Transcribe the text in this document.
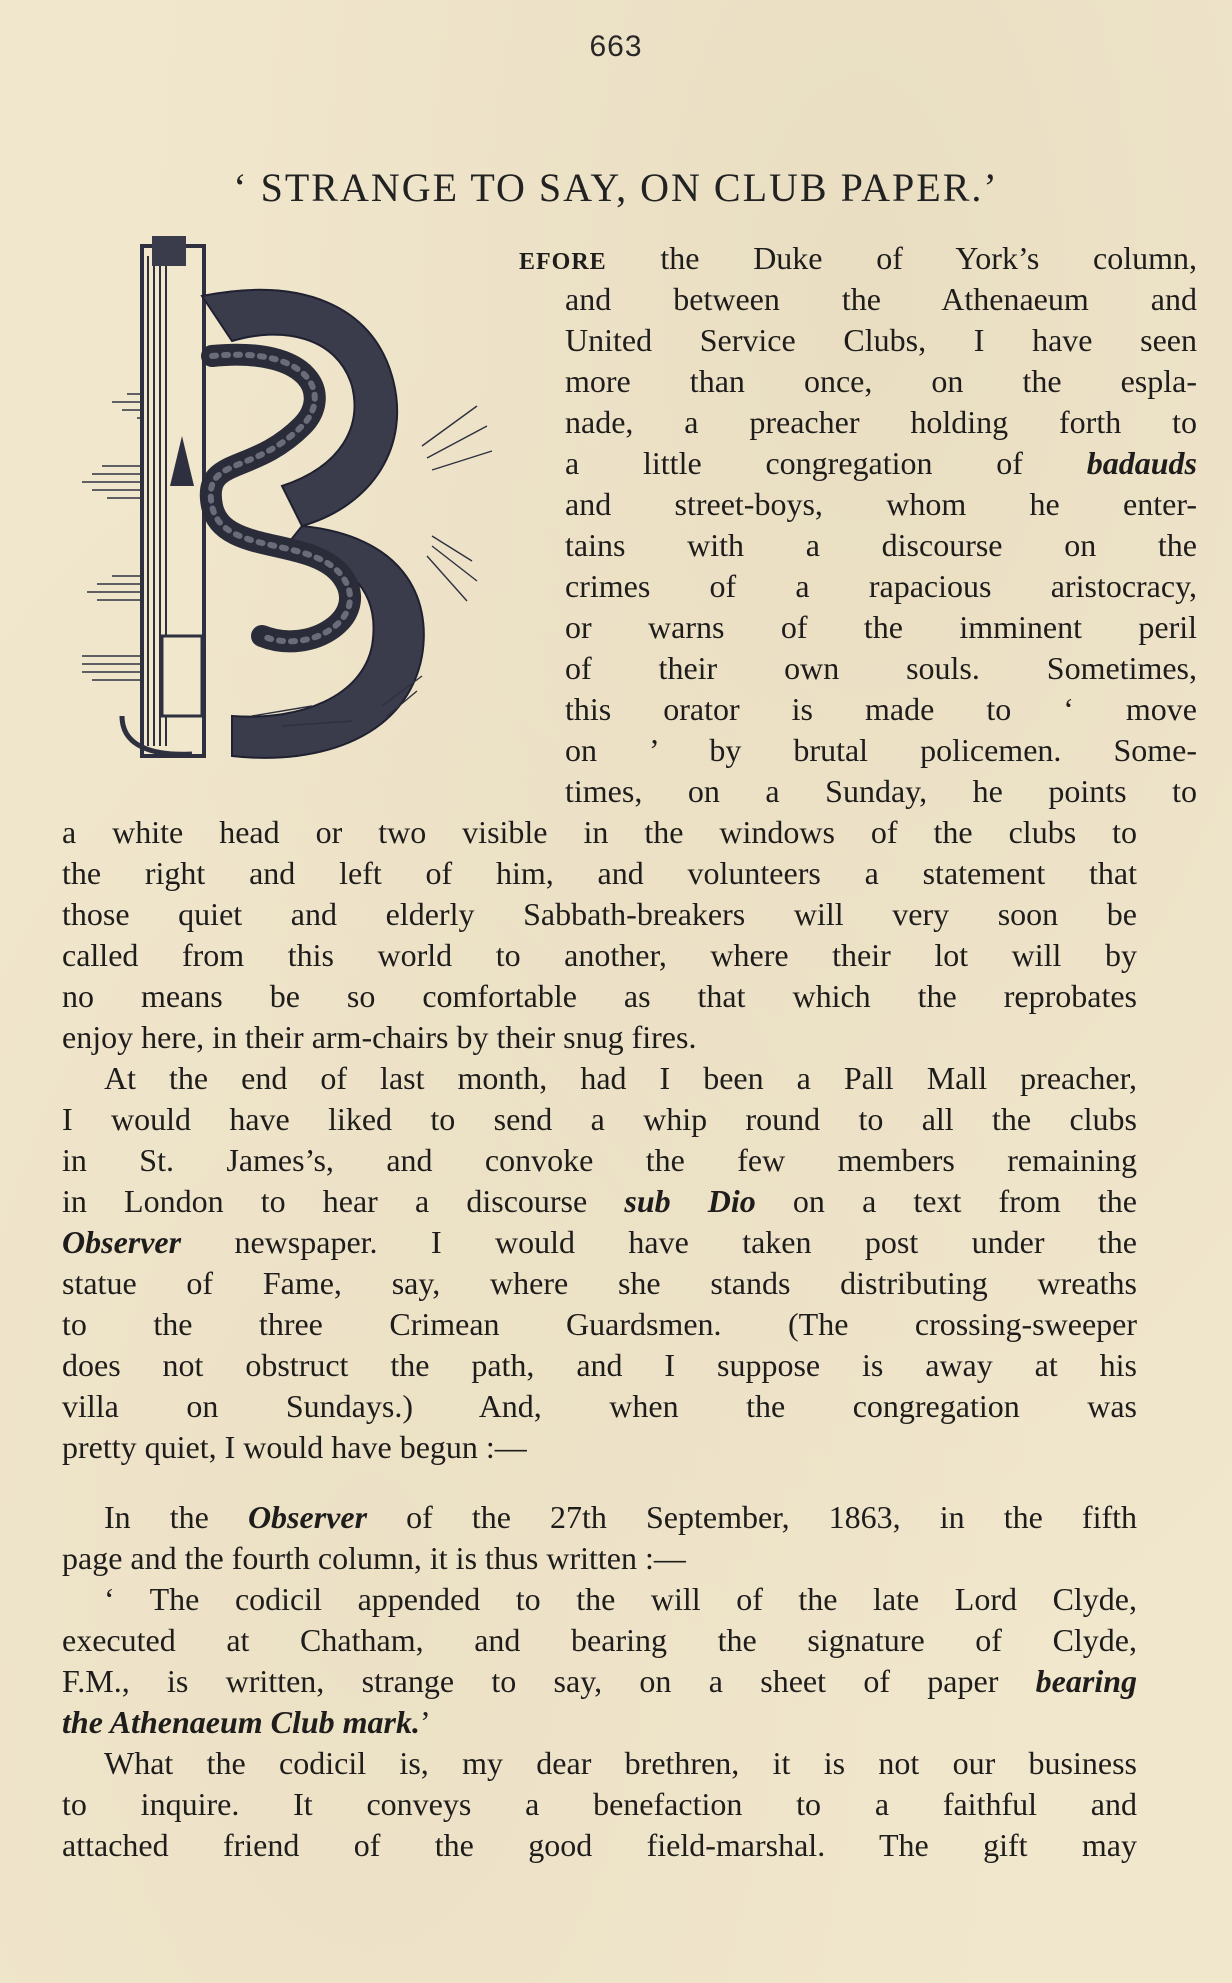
663
‘ STRANGE TO SAY, ON CLUB PAPER.’
EFORE the Duke of York’s column,
and between the Athenaeum and
United Service Clubs, I have seen
more than once, on the espla-
nade, a preacher holding forth to
a little congregation of badauds
and street-boys, whom he enter-
tains with a discourse on the
crimes of a rapacious aristocracy,
or warns of the imminent peril
of their own souls. Sometimes,
this orator is made to ‘ move
on ’ by brutal policemen. Some-
times, on a Sunday, he points to
a white head or two visible in the windows of the clubs to
the right and left of him, and volunteers a statement that
those quiet and elderly Sabbath-breakers will very soon be
called from this world to another, where their lot will by
no means be so comfortable as that which the reprobates
enjoy here, in their arm-chairs by their snug fires.
At the end of last month, had I been a Pall Mall preacher,
I would have liked to send a whip round to all the clubs
in St. James’s, and convoke the few members remaining
in London to hear a discourse sub Dio on a text from the
Observer newspaper. I would have taken post under the
statue of Fame, say, where she stands distributing wreaths
to the three Crimean Guardsmen. (The crossing-sweeper
does not obstruct the path, and I suppose is away at his
villa on Sundays.) And, when the congregation was
pretty quiet, I would have begun :—
In the Observer of the 27th September, 1863, in the fifth
page and the fourth column, it is thus written :—
‘ The codicil appended to the will of the late Lord Clyde,
executed at Chatham, and bearing the signature of Clyde,
F.M., is written, strange to say, on a sheet of paper bearing
the Athenaeum Club mark.’
What the codicil is, my dear brethren, it is not our business
to inquire. It conveys a benefaction to a faithful and
attached friend of the good field-marshal. The gift may
